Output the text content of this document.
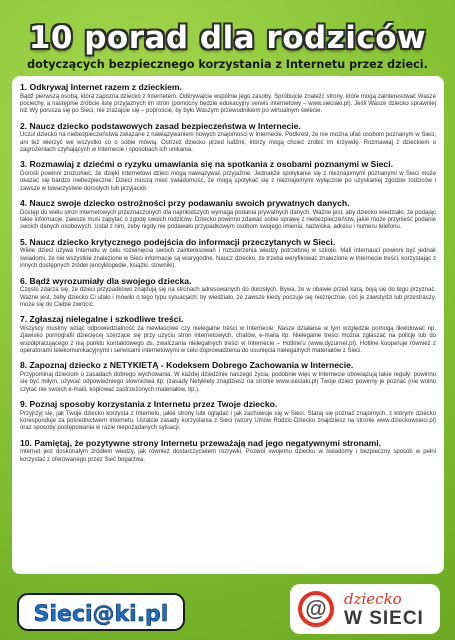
10 porad dla rodziców
dotyczących bezpiecznego korzystania z Internetu przez dzieci.
1. Odkrywaj Internet razem z dzieckiem.

Bądź pierwszą osobą, która zapozna dziecko z Internetem. Odkrywajcie wspólnie jego zasoby. Spróbujcie znaleźć strony, które mogą zainteresować Wasze pociechy, a następnie zróbcie listę przyjaznych im stron (pomocny będzie edukacyjny serwis internetowy – www.sieciaki.pl). Jeśli Wasze dziecko sprawniej niż Wy porusza się po Sieci, nie zrażajcie się – poproście, by było Waszym przewodnikiem po wirtualnym świecie.

2. Naucz dziecko podstawowych zasad bezpieczeństwa w Internecie.

Uczul dziecko na niebezpieczeństwa związane z nawiązywaniem nowych znajomości w Internecie. Podkreśl, że nie można ufać osobom poznanym w Sieci, ani też wierzyć we wszystko co o sobie mówią. Ostrzeż dziecko przed ludźmi, którzy mogą chcieć zrobić im krzywdę. Rozmawiaj z dzieckiem o zagrożeniach czyhających w Internecie i sposobach ich unikania.

3. Rozmawiaj z dziećmi o ryzyku umawiania się na spotkania z osobami poznanymi w Sieci.

Dorośli powinni zrozumieć, że dzięki Internetowi dzieci mogą nawiązywać przyjaźnie. Jednakże spotykanie się z nieznajomymi poznanymi w Sieci może okazać się bardzo niebezpieczne. Dzieci muszą mieć świadomość, że mogą spotykać się z nieznajomymi wyłącznie po uzyskaniej zgodzie rodziców i zawsze w towarzystwie dorosłych lub przyjaciół.

4. Naucz swoje dziecko ostrożności przy podawaniu swoich prywatnych danych.

Dostęp do wielu stron internetowych przeznaczonych dla najmłodszych wymaga podania prywatnych danych. Ważne jest, aby dziecko wiedziało, że podając takie informacje, zawsze musi zapytać o zgodę swoich rodziców. Dziecko powinno zdawać sobie sprawę z niebezpieczeństw, jakie może przynieść podanie swoich danych osobowych. Ustal z nim, żeby nigdy nie podawało przypadkowym osobom swojego imienia, nazwiska, adresu i numeru telefonu.

5. Naucz dziecko krytycznego podejścia do informacji przeczytanych w Sieci.

Wiele dzieci używa Internetu w celu rozwinięcia swoich zainteresowań i rozszerzenia wiedzy potrzebnej w szkole. Mali internauci powinni być jednak świadomi, że nie wszystkie znalezione w Sieci informacje są wiarygodne. Naucz dziecko, że trzeba weryfikować znalezione w Internecie treści, korzystając z innych dostępnych źródeł (encyklopedie, książki, stowniki).

6. Bądź wyrozumiały dla swojego dziecka.

Często zdarza się, że dzieci przypadkowo znajdują się na stronach adresowanych do dorosłych. Bywa, że w obawie przed karą, boją się do tego przyznać. Ważne jest, żeby dziecko Ci ufało i mówiło o tego typu sytuacjach; by wiedziało, że zawsze kiedy poczuje się niezręcznie, coś je zawstydzi lub przestraszy, może się do Ciebie zwrócić.

7. Zgłaszaj nielegalne i szkodliwe treści.

Wszyscy musimy wziąć odpowiedzialność za niewłaściwe czy nielegalne treści w Internecie. Nasze działania w tym względzie pomogą likwidować np. zjawisko pornografii dziecięcej szerzące się przy użyciu stron internetowych, chatów, e-maila itp. Nielegalne treści można zgłaszać na policję lub do współpracującego z nią punktu kontaktowego ds. zwalczania nielegalnych treści w Internecie – Hotline'u (www.dyzurnet.pl). Hotline kooperuje również z operatorami telekomunikacyjnymi i serwisami internetowymi w celu doprowadzenia do usunięcia nielegalnych materiałów z Sieci.

8. Zapoznaj dziecko z NETYKIETĄ - Kodeksem Dobrego Zachowania w Internecie.

Przypominaj dzieciom o zasadach dobrego wychowania. W każdej dziedzinie naszego życia, podobnie więc w Internecie obowiązują takie reguły: powinno się być miłym, używać odpowiedniego słownictwa itp. (zasady Netykiety znajdziesz na stronie www.sieciaki.pl) Twoje dzieci powinny je poznać (nie wolno czytać nie swoich e-maili, kopiować zastrzeżonych materiałów, itp.).

9. Poznaj sposoby korzystania z Internetu przez Twoje dziecko.

Przyjrzyj się, jak Twoje dziecko korzysta z Internetu, jakie strony lubi oglądać i jak zachowuje się w Sieci. Staraj się poznać znajomych, z którymi dziecko koresponduje za pośrednictwem Internetu. Ustalcie zasady korzystania z Sieci (wzory Umów Rodzic-Dziecko znajdziesz na stronie www.dzieckowsieci.pl) oraz sposoby postępowania w razie niepożądanych sytuacji.

10. Pamiętaj, że pozytywne strony Internetu przeważają nad jego negatywnymi stronami.

Internet jest doskonałym źródłem wiedzy, jak również dostarczycielem rozrywki. Pozwól swojemu dziecku w świadomy i bezpieczny sposób w pełni korzystać z oferowanego przez Sieć bogactwa.

Sieci@ki.pl	@	dziecko
W SIECI
